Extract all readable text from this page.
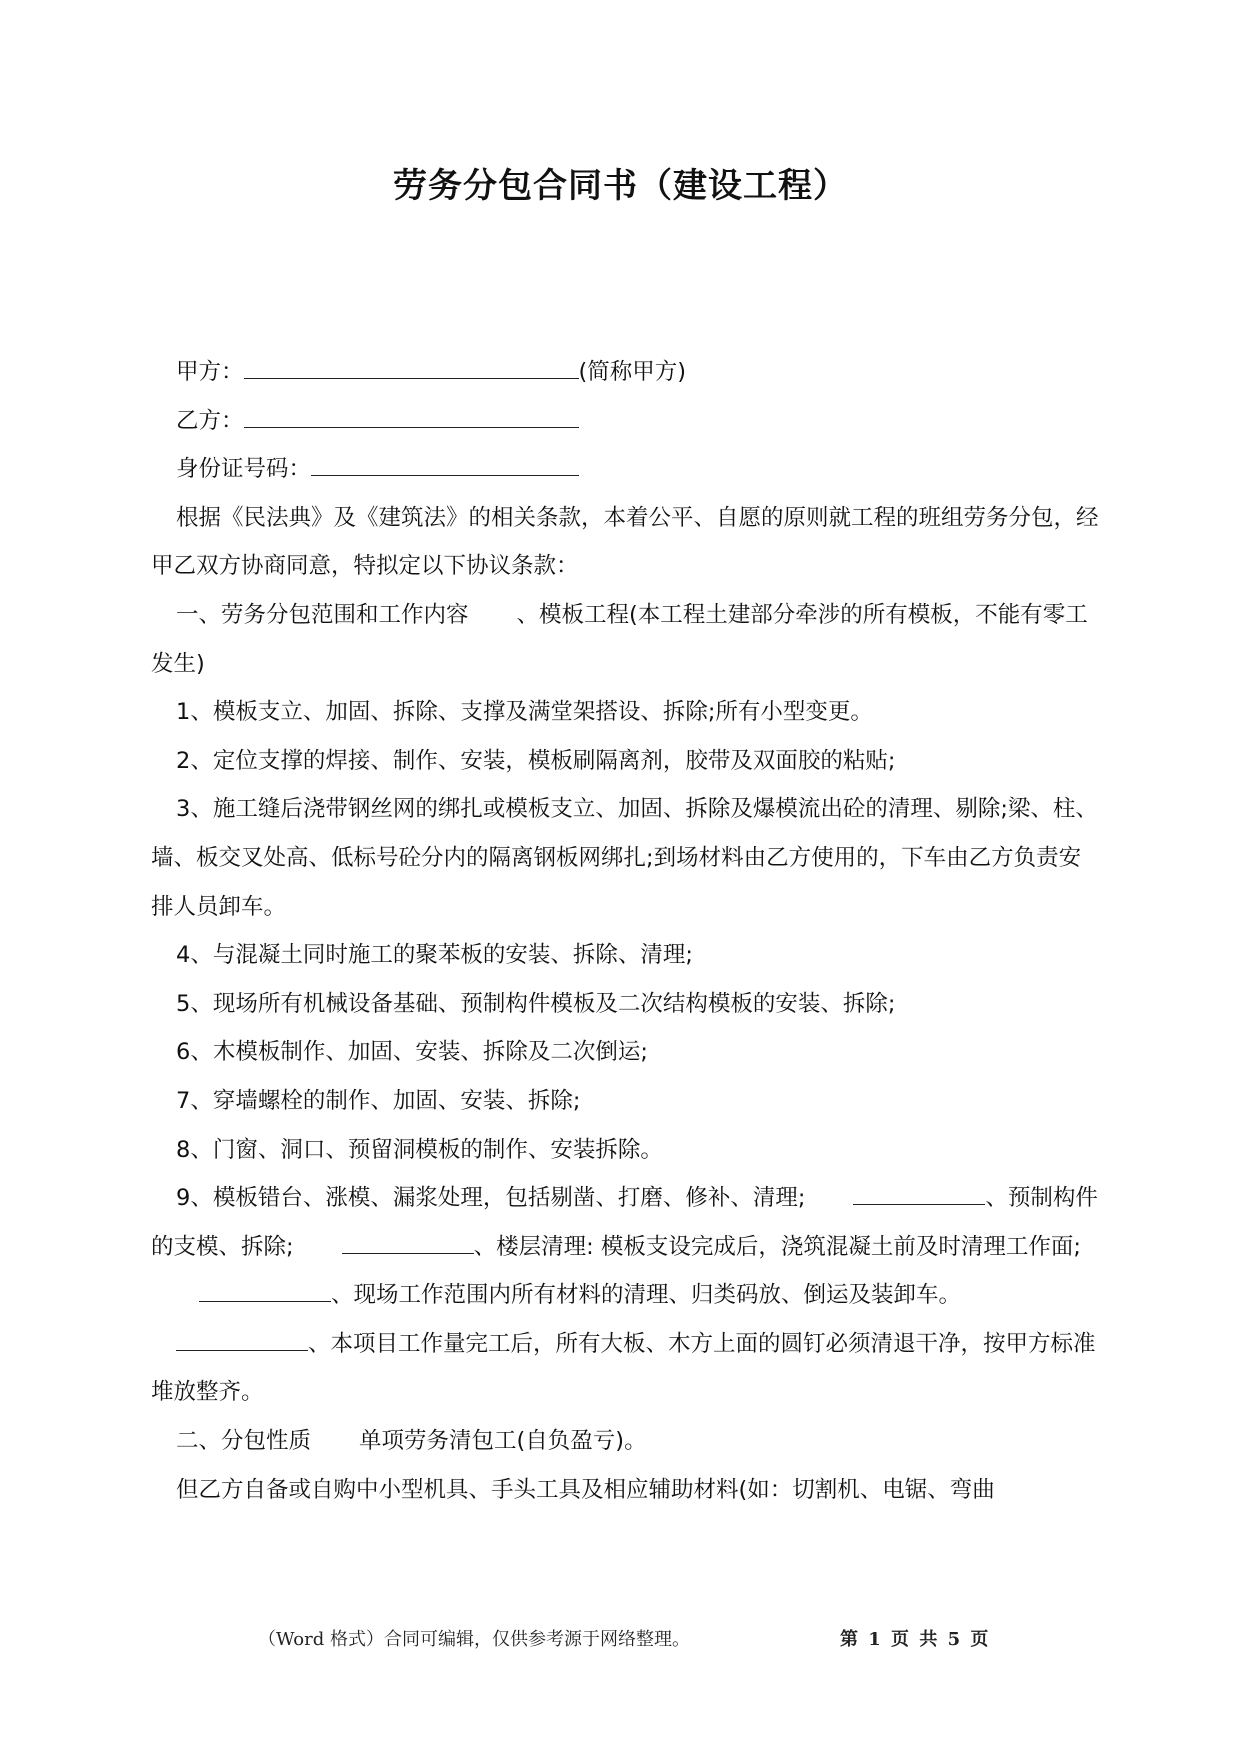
劳务分包合同书（建设工程）

甲方：	(简称甲方)

乙方：

身份证号码：

根据《民法典》及《建筑法》的相关条款，本着公平、自愿的原则就工程的班组劳务分包，经甲乙双方协商同意，特拟定以下协议条款：

一、劳务分包范围和工作内容 、模板工程(本工程土建部分牵涉的所有模板，不能有零工发生)

1、模板支立、加固、拆除、支撑及满堂架搭设、拆除;所有小型变更。

2、定位支撑的焊接、制作、安装，模板刷隔离剂，胶带及双面胶的粘贴;

3、施工缝后浇带钢丝网的绑扎或模板支立、加固、拆除及爆模流出砼的清理、剔除;梁、柱、墙、板交叉处高、低标号砼分内的隔离钢板网绑扎;到场材料由乙方使用的，下车由乙方负责安排人员卸车。

4、与混凝土同时施工的聚苯板的安装、拆除、清理;

5、现场所有机械设备基础、预制构件模板及二次结构模板的安装、拆除;

6、木模板制作、加固、安装、拆除及二次倒运;

7、穿墙螺栓的制作、加固、安装、拆除;

8、门窗、洞口、预留洞模板的制作、安装拆除。

9、模板错台、涨模、漏浆处理，包括剔凿、打磨、修补、清理;	、预制构件的支模、拆除;	、楼层清理: 模板支设完成后，浇筑混凝土前及时清理工作面;、现场工作范围内所有材料的清理、归类码放、倒运及装卸车。

、本项目工作量完工后，所有大板、木方上面的圆钉必须清退干净，按甲方标准堆放整齐。

二、分包性质 单项劳务清包工(自负盈亏)。

但乙方自备或自购中小型机具、手头工具及相应辅助材料(如：切割机、电锯、弯曲

（Word 格式）合同可编辑，仅供参考源于网络整理。	第 1 页 共 5 页
